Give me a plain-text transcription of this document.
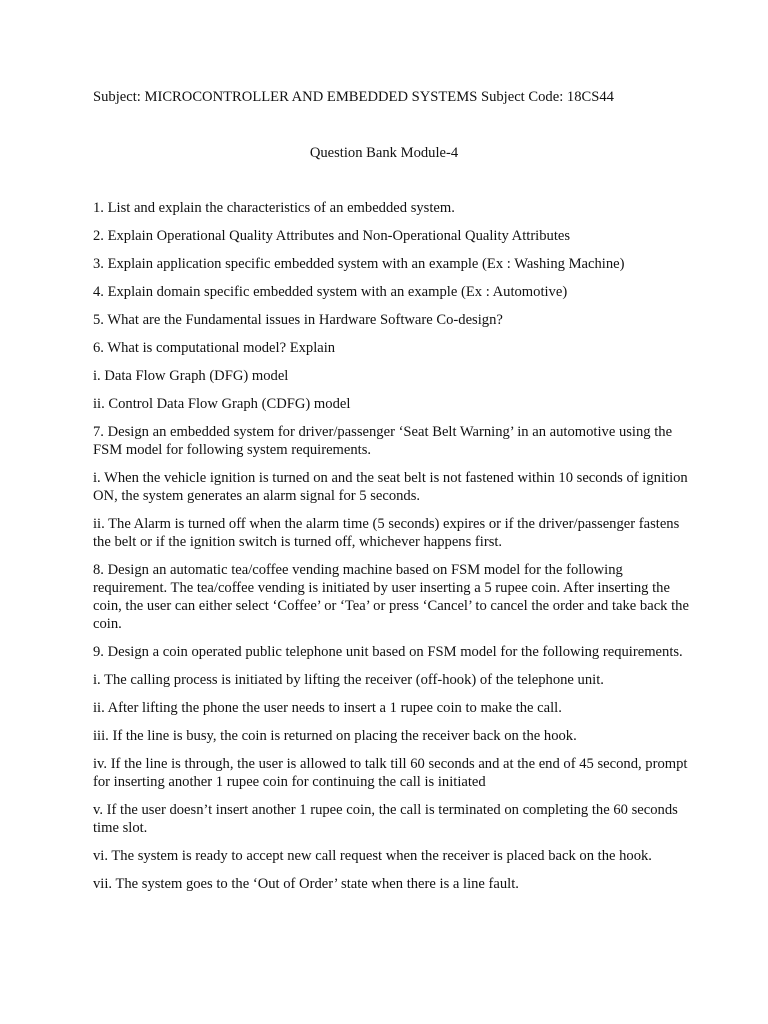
Subject: MICROCONTROLLER AND EMBEDDED SYSTEMS Subject Code: 18CS44
Question Bank Module-4

1. List and explain the characteristics of an embedded system.

2. Explain Operational Quality Attributes and Non-Operational Quality Attributes

3. Explain application specific embedded system with an example (Ex : Washing Machine)

4. Explain domain specific embedded system with an example (Ex : Automotive)

5. What are the Fundamental issues in Hardware Software Co-design?

6. What is computational model? Explain

i. Data Flow Graph (DFG) model

ii. Control Data Flow Graph (CDFG) model

7. Design an embedded system for driver/passenger ‘Seat Belt Warning’ in an automotive using the FSM model for following system requirements.

i. When the vehicle ignition is turned on and the seat belt is not fastened within 10 seconds of ignition ON, the system generates an alarm signal for 5 seconds.

ii. The Alarm is turned off when the alarm time (5 seconds) expires or if the driver/passenger fastens the belt or if the ignition switch is turned off, whichever happens first.

8. Design an automatic tea/coffee vending machine based on FSM model for the following requirement. The tea/coffee vending is initiated by user inserting a 5 rupee coin. After inserting the coin, the user can either select ‘Coffee’ or ‘Tea’ or press ‘Cancel’ to cancel the order and take back the coin.

9. Design a coin operated public telephone unit based on FSM model for the following requirements.

i. The calling process is initiated by lifting the receiver (off-hook) of the telephone unit.

ii. After lifting the phone the user needs to insert a 1 rupee coin to make the call.

iii. If the line is busy, the coin is returned on placing the receiver back on the hook.

iv. If the line is through, the user is allowed to talk till 60 seconds and at the end of 45 second, prompt for inserting another 1 rupee coin for continuing the call is initiated

v. If the user doesn’t insert another 1 rupee coin, the call is terminated on completing the 60 seconds time slot.

vi. The system is ready to accept new call request when the receiver is placed back on the hook.

vii. The system goes to the ‘Out of Order’ state when there is a line fault.
